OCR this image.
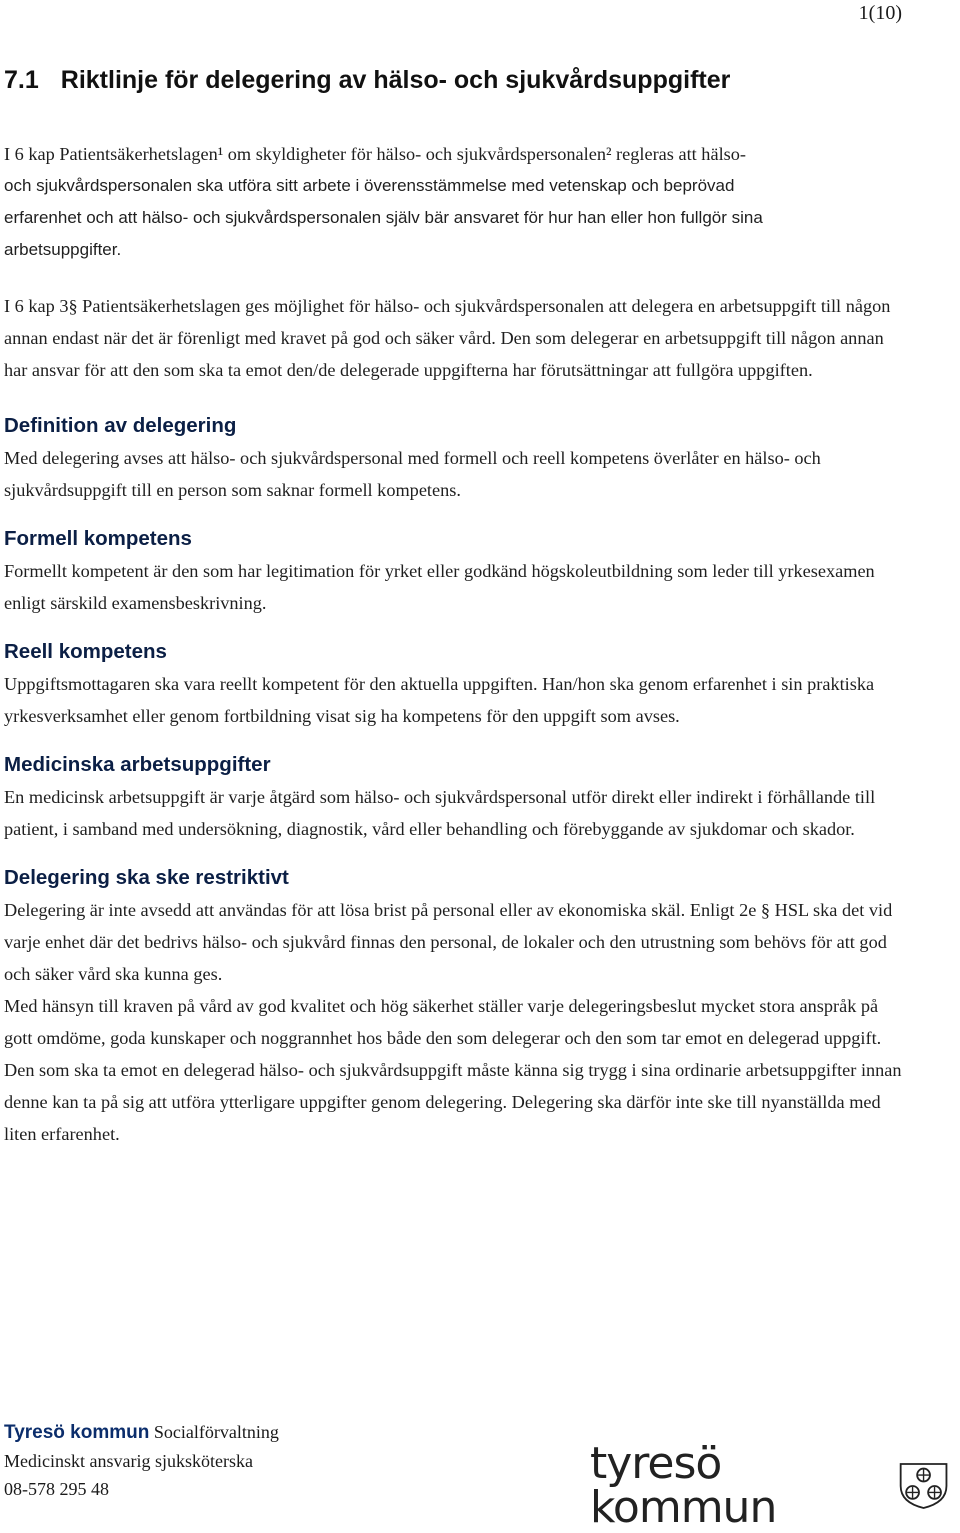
1(10)
7.1 Riktlinje för delegering av hälso- och sjukvårdsuppgifter

I 6 kap Patientsäkerhetslagen¹ om skyldigheter för hälso- och sjukvårdspersonalen² regleras att hälso-

och sjukvårdspersonalen ska utföra sitt arbete i överensstämmelse med vetenskap och beprövad

erfarenhet och att hälso- och sjukvårdspersonalen själv bär ansvaret för hur han eller hon fullgör sina

arbetsuppgifter.

I 6 kap 3§ Patientsäkerhetslagen ges möjlighet för hälso- och sjukvårdspersonalen att delegera en arbetsuppgift till någon annan endast när det är förenligt med kravet på god och säker vård. Den som delegerar en arbetsuppgift till någon annan har ansvar för att den som ska ta emot den/de delegerade uppgifterna har förutsättningar att fullgöra uppgiften.

Definition av delegering

Med delegering avses att hälso- och sjukvårdspersonal med formell och reell kompetens överlåter en hälso- och sjukvårdsuppgift till en person som saknar formell kompetens.

Formell kompetens

Formellt kompetent är den som har legitimation för yrket eller godkänd högskoleutbildning som leder till yrkesexamen enligt särskild examensbeskrivning.

Reell kompetens

Uppgiftsmottagaren ska vara reellt kompetent för den aktuella uppgiften. Han/hon ska genom erfarenhet i sin praktiska yrkesverksamhet eller genom fortbildning visat sig ha kompetens för den uppgift som avses.

Medicinska arbetsuppgifter

En medicinsk arbetsuppgift är varje åtgärd som hälso- och sjukvårdspersonal utför direkt eller indirekt i förhållande till patient, i samband med undersökning, diagnostik, vård eller behandling och förebyggande av sjukdomar och skador.

Delegering ska ske restriktivt

Delegering är inte avsedd att användas för att lösa brist på personal eller av ekonomiska skäl. Enligt 2e § HSL ska det vid varje enhet där det bedrivs hälso- och sjukvård finnas den personal, de lokaler och den utrustning som behövs för att god och säker vård ska kunna ges.

Med hänsyn till kraven på vård av god kvalitet och hög säkerhet ställer varje delegeringsbeslut mycket stora anspråk på gott omdöme, goda kunskaper och noggrannhet hos både den som delegerar och den som tar emot en delegerad uppgift.

Den som ska ta emot en delegerad hälso- och sjukvårdsuppgift måste känna sig trygg i sina ordinarie arbetsuppgifter innan denne kan ta på sig att utföra ytterligare uppgifter genom delegering. Delegering ska därför inte ske till nyanställda med liten erfarenhet.

Tyresö kommun Socialförvaltning
Medicinskt ansvarig sjuksköterska
08-578 295 48	tyresö kommun
